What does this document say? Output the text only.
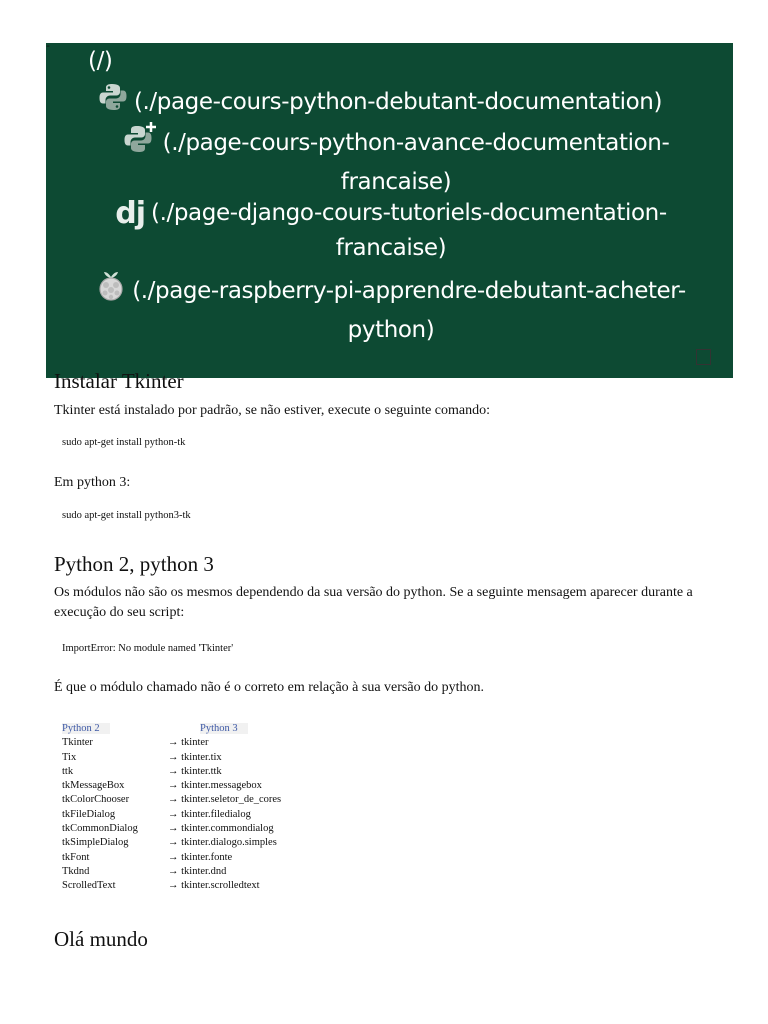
-
(/)
(./page-cours-python-debutant-documentation)
(./page-cours-python-avance-documentation-francaise)
dj (./page-django-cours-tutoriels-documentation-francaise)
(./page-raspberry-pi-apprendre-debutant-acheter-python)
Instalar Tkinter

Tkinter está instalado por padrão, se não estiver, execute o seguinte comando:

sudo apt-get install python-tk

Em python 3:

sudo apt-get install python3-tk
Python 2, python 3

Os módulos não são os mesmos dependendo da sua versão do python. Se a seguinte mensagem aparecer durante a execução do seu script:

ImportError: No module named 'Tkinter'

É que o módulo chamado não é o correto em relação à sua versão do python.

Python 2	Python 3
Tkinter	→ tkinter
Tix	→ tkinter.tix
ttk	→ tkinter.ttk
tkMessageBox	→ tkinter.messagebox
tkColorChooser	→ tkinter.seletor_de_cores
tkFileDialog	→ tkinter.filedialog
tkCommonDialog	→ tkinter.commondialog
tkSimpleDialog	→ tkinter.dialogo.simples
tkFont	→ tkinter.fonte
Tkdnd	→ tkinter.dnd
ScrolledText	→ tkinter.scrolledtext
Olá mundo
